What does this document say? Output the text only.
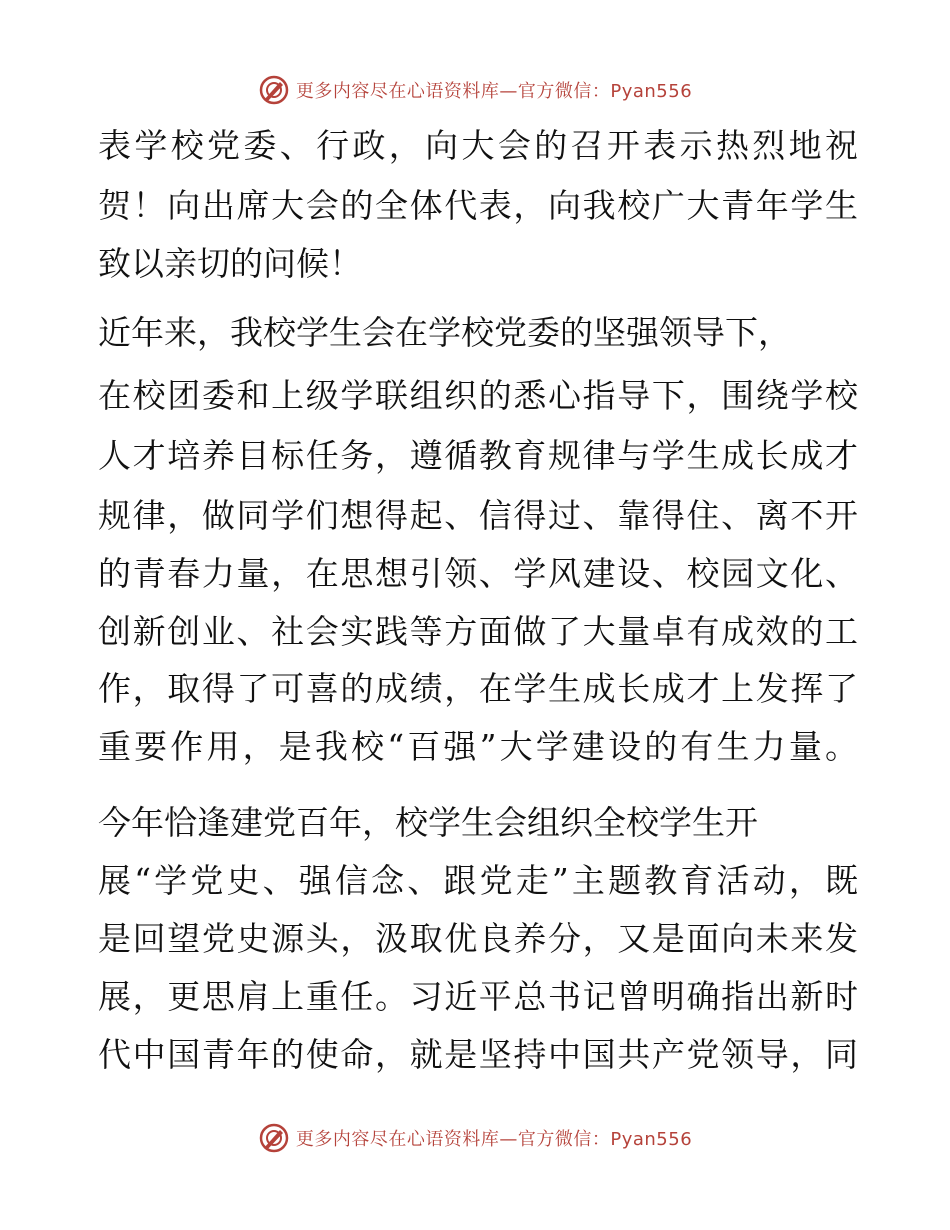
更多内容尽在心语资料库—官方微信：Pyan556
表学校党委、行政，向大会的召开表示热烈地祝
贺！向出席大会的全体代表，向我校广大青年学生
致以亲切的问候！
近年来，我校学生会在学校党委的坚强领导下，
在校团委和上级学联组织的悉心指导下，围绕学校
人才培养目标任务，遵循教育规律与学生成长成才
规律，做同学们想得起、信得过、靠得住、离不开
的青春力量，在思想引领、学风建设、校园文化、
创新创业、社会实践等方面做了大量卓有成效的工
作，取得了可喜的成绩，在学生成长成才上发挥了
重要作用，是我校“百强”大学建设的有生力量。
今年恰逢建党百年，校学生会组织全校学生开
展“学党史、强信念、跟党走”主题教育活动，既
是回望党史源头，汲取优良养分，又是面向未来发
展，更思肩上重任。习近平总书记曾明确指出新时
代中国青年的使命，就是坚持中国共产党领导，同
更多内容尽在心语资料库—官方微信：Pyan556
